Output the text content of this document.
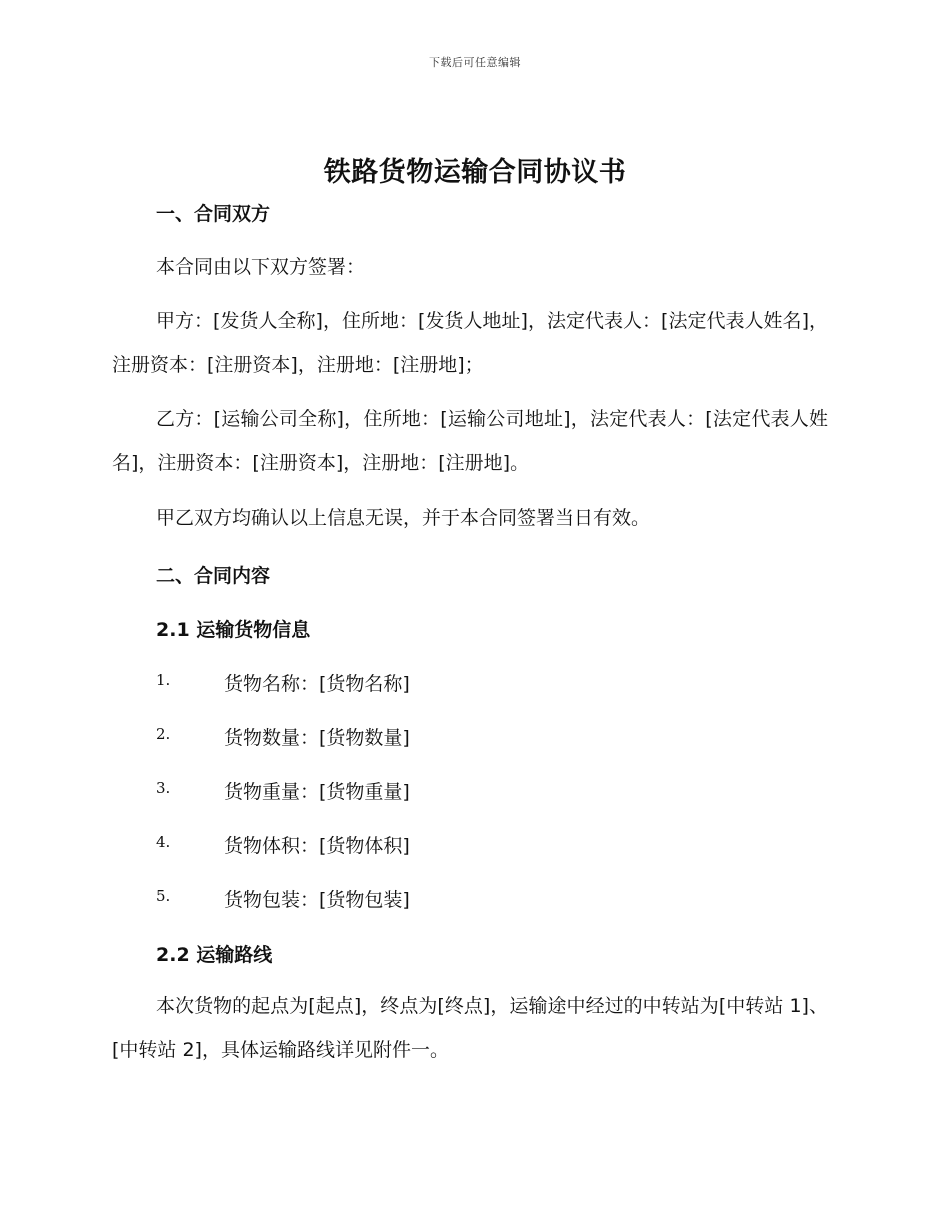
下载后可任意编辑
铁路货物运输合同协议书
一、合同双方
本合同由以下双方签署：
甲方：[发货人全称]，住所地：[发货人地址]，法定代表人：[法定代表人姓名]，注册资本：[注册资本]，注册地：[注册地]；
乙方：[运输公司全称]，住所地：[运输公司地址]，法定代表人：[法定代表人姓名]，注册资本：[注册资本]，注册地：[注册地]。
甲乙双方均确认以上信息无误，并于本合同签署当日有效。
二、合同内容
2.1 运输货物信息
1.	货物名称：[货物名称]
2.	货物数量：[货物数量]
3.	货物重量：[货物重量]
4.	货物体积：[货物体积]
5.	货物包装：[货物包装]
2.2 运输路线
本次货物的起点为[起点]，终点为[终点]，运输途中经过的中转站为[中转站 1]、[中转站 2]，具体运输路线详见附件一。
